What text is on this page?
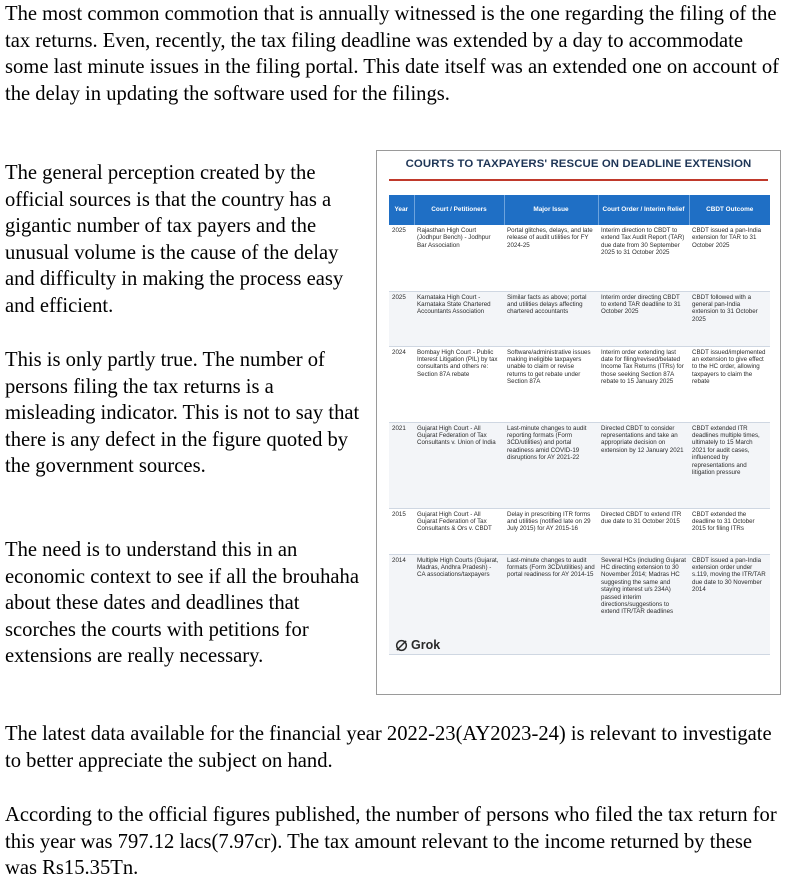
The most common commotion that is annually witnessed is the one regarding the filing of the tax returns. Even, recently, the tax filing deadline was extended by a day to accommodate some last minute issues in the filing portal. This date itself was an extended one on account of the delay in updating the software used for the filings.

The general perception created by the official sources is that the country has a gigantic number of tax payers and the unusual volume is the cause of the delay and difficulty in making the process easy and efficient.

This is only partly true. The number of persons filing the tax returns is a misleading indicator. This is not to say that there is any defect in the figure quoted by the government sources.

The need is to understand this in an economic context to see if all the brouhaha about these dates and deadlines that scorches the courts with petitions for extensions are really necessary.

The latest data available for the financial year 2022-23(AY2023-24) is relevant to investigate to better appreciate the subject on hand.

According to the official figures published, the number of persons who filed the tax return for this year was 797.12 lacs(7.97cr). The tax amount relevant to the income returned by these was Rs15.35Tn.

COURTS TO TAXPAYERS' RESCUE ON DEADLINE EXTENSION
Year	Court / Petitioners	Major Issue	Court Order / Interim Relief	CBDT Outcome
2025	Rajasthan High Court (Jodhpur Bench) - Jodhpur Bar Association	Portal glitches, delays, and late release of audit utilities for FY 2024-25	Interim direction to CBDT to extend Tax Audit Report (TAR) due date from 30 September 2025 to 31 October 2025	CBDT issued a pan-India extension for TAR to 31 October 2025
2025	Karnataka High Court - Karnataka State Chartered Accountants Association	Similar facts as above; portal and utilities delays affecting chartered accountants	Interim order directing CBDT to extend TAR deadline to 31 October 2025	CBDT followed with a general pan-India extension to 31 October 2025
2024	Bombay High Court - Public Interest Litigation (PIL) by tax consultants and others re: Section 87A rebate	Software/administrative issues making ineligible taxpayers unable to claim or revise returns to get rebate under Section 87A	Interim order extending last date for filing/revised/belated Income Tax Returns (ITRs) for those seeking Section 87A rebate to 15 January 2025	CBDT issued/implemented an extension to give effect to the HC order, allowing taxpayers to claim the rebate
2021	Gujarat High Court - All Gujarat Federation of Tax Consultants v. Union of India	Last-minute changes to audit reporting formats (Form 3CD/utilities) and portal readiness amid COVID-19 disruptions for AY 2021-22	Directed CBDT to consider representations and take an appropriate decision on extension by 12 January 2021	CBDT extended ITR deadlines multiple times, ultimately to 15 March 2021 for audit cases, influenced by representations and litigation pressure
2015	Gujarat High Court - All Gujarat Federation of Tax Consultants & Ors v. CBDT	Delay in prescribing ITR forms and utilities (notified late on 29 July 2015) for AY 2015-16	Directed CBDT to extend ITR due date to 31 October 2015	CBDT extended the deadline to 31 October 2015 for filing ITRs
2014	Multiple High Courts (Gujarat, Madras, Andhra Pradesh) - CA associations/taxpayers	Last-minute changes to audit formats (Form 3CD/utilities) and portal readiness for AY 2014-15	Several HCs (including Gujarat HC directing extension to 30 November 2014; Madras HC suggesting the same and staying interest u/s 234A) passed interim directions/suggestions to extend ITR/TAR deadlines	CBDT issued a pan-India extension order under s.119, moving the ITR/TAR due date to 30 November 2014
Grok
